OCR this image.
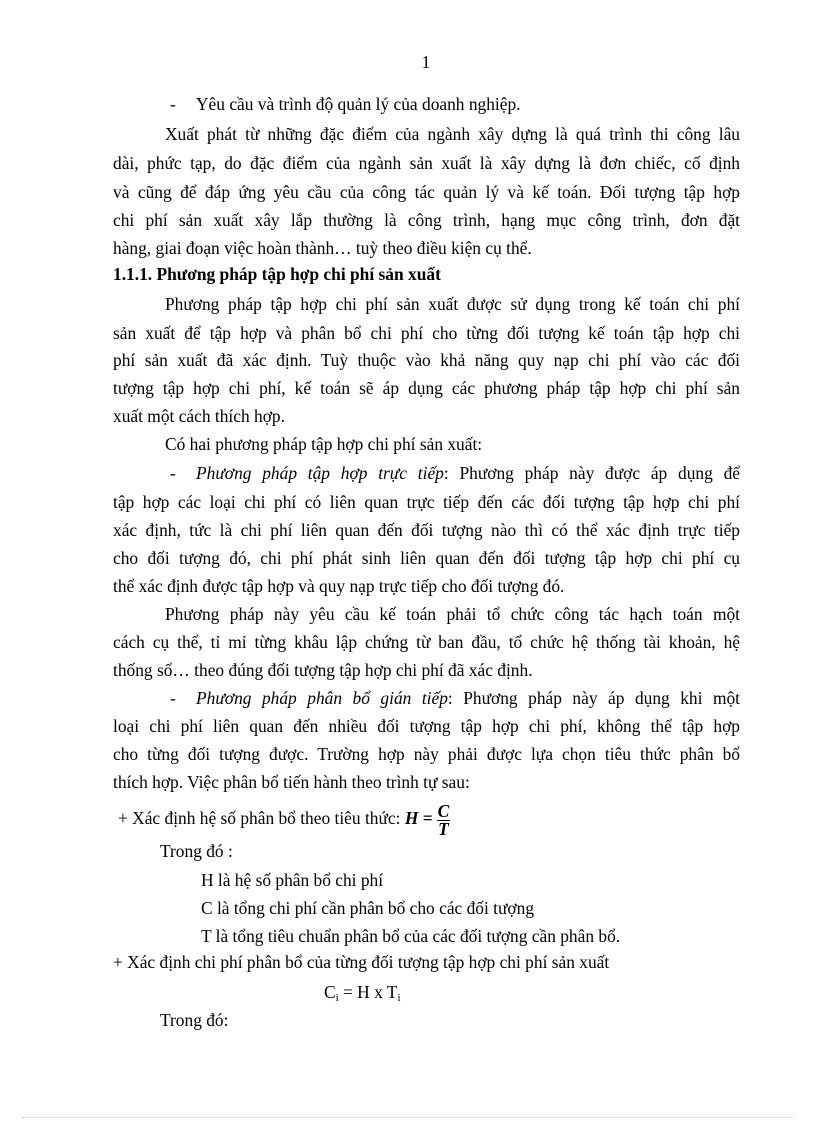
1
- Yêu cầu và trình độ quản lý của doanh nghiệp.
Xuất phát từ những đặc điểm của ngành xây dựng là quá trình thi công lâu
dài, phức tạp, do đặc điểm của ngành sản xuất là xây dựng là đơn chiếc, cố định
và cũng để đáp ứng yêu cầu của công tác quản lý và kế toán. Đối tượng tập hợp
chi phí sản xuất xây lắp thường là công trình, hạng mục công trình, đơn đặt
hàng, giai đoạn việc hoàn thành… tuỳ theo điều kiện cụ thể.
1.1.1. Phương pháp tập hợp chi phí sản xuất
Phương pháp tập hợp chi phí sản xuất được sử dụng trong kế toán chi phí
sản xuất để tập hợp và phân bổ chi phí cho từng đối tượng kế toán tập hợp chi
phí sản xuất đã xác định. Tuỳ thuộc vào khả năng quy nạp chi phí vào các đối
tượng tập hợp chi phí, kế toán sẽ áp dụng các phương pháp tập hợp chi phí sản
xuất một cách thích hợp.
Có hai phương pháp tập hợp chi phí sản xuất:
- Phương pháp tập hợp trực tiếp: Phương pháp này được áp dụng để
tập hợp các loại chi phí có liên quan trực tiếp đến các đối tượng tập hợp chi phí
xác định, tức là chi phí liên quan đến đối tượng nào thì có thể xác định trực tiếp
cho đối tượng đó, chi phí phát sinh liên quan đến đối tượng tập hợp chi phí cụ
thể xác định được tập hợp và quy nạp trực tiếp cho đối tượng đó.
Phương pháp này yêu cầu kế toán phải tổ chức công tác hạch toán một
cách cụ thể, tỉ mỉ từng khâu lập chứng từ ban đầu, tổ chức hệ thống tài khoản, hệ
thống sổ… theo đúng đối tượng tập hợp chi phí đã xác định.
- Phương pháp phân bổ gián tiếp: Phương pháp này áp dụng khi một
loại chi phí liên quan đến nhiều đối tượng tập hợp chi phí, không thể tập hợp
cho từng đối tượng được. Trường hợp này phải được lựa chọn tiêu thức phân bổ
thích hợp. Việc phân bổ tiến hành theo trình tự sau:
+ Xác định hệ số phân bổ theo tiêu thức: $H = \frac{C}{T}$
Trong đó :
H là hệ số phân bổ chi phí
C là tổng chi phí cần phân bổ cho các đối tượng
T là tổng tiêu chuẩn phân bổ của các đối tượng cần phân bổ.
+ Xác định chi phí phân bổ của từng đối tượng tập hợp chi phí sản xuất
$C_i = H$ x $T_i$
Trong đó:
